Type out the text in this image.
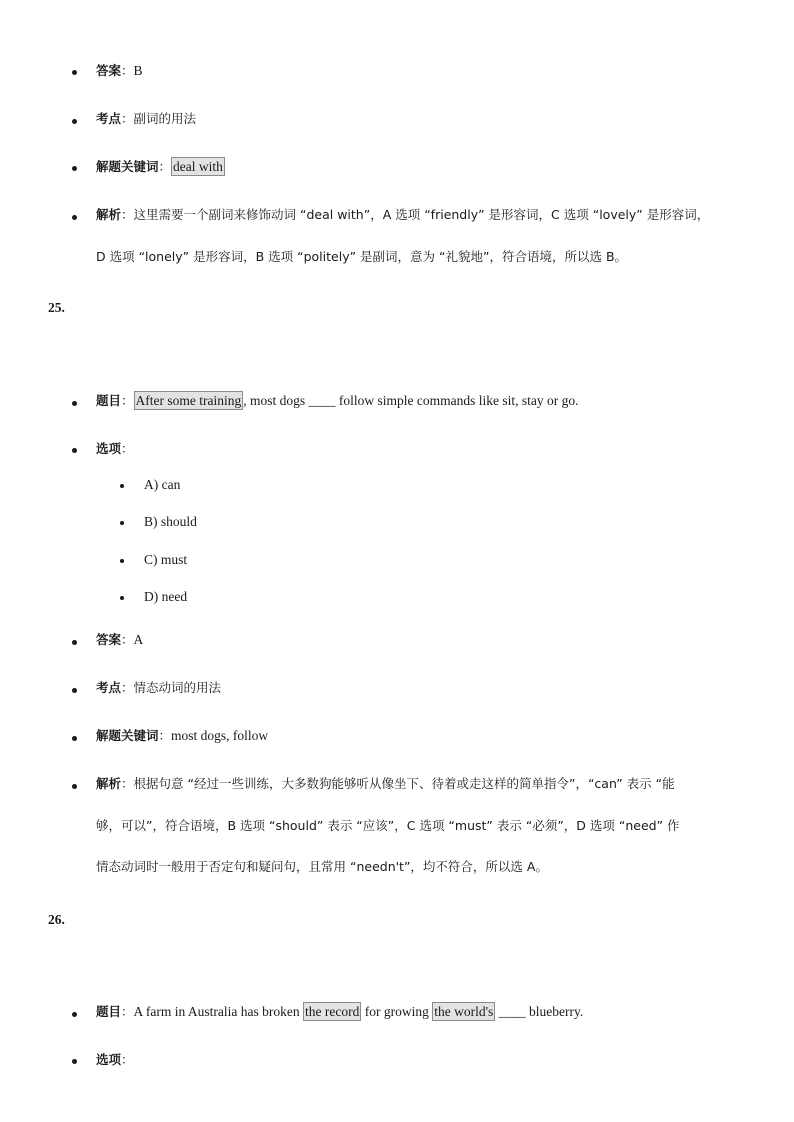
答案：B
考点：副词的用法
解题关键词： deal with
解析：这里需要一个副词来修饰动词 “deal with”，A 选项 “friendly” 是形容词，C 选项 “lovely” 是形容词，
D 选项 “lonely” 是形容词，B 选项 “politely” 是副词，意为 “礼貌地”，符合语境，所以选 B。
25.
题目： After some training , most dogs ____ follow simple commands like sit, stay or go.
选项：
A) can
B) should
C) must
D) need
答案：A
考点：情态动词的用法
解题关键词：most dogs, follow
解析：根据句意 “经过一些训练，大多数狗能够听从像坐下、待着或走这样的简单指令”，“can” 表示 “能
够，可以”，符合语境，B 选项 “should” 表示 “应该”，C 选项 “must” 表示 “必须”，D 选项 “need” 作
情态动词时一般用于否定句和疑问句，且常用 “needn't”，均不符合，所以选 A。
26.
题目：A farm in Australia has broken the record for growing the world's ____ blueberry.
选项：
